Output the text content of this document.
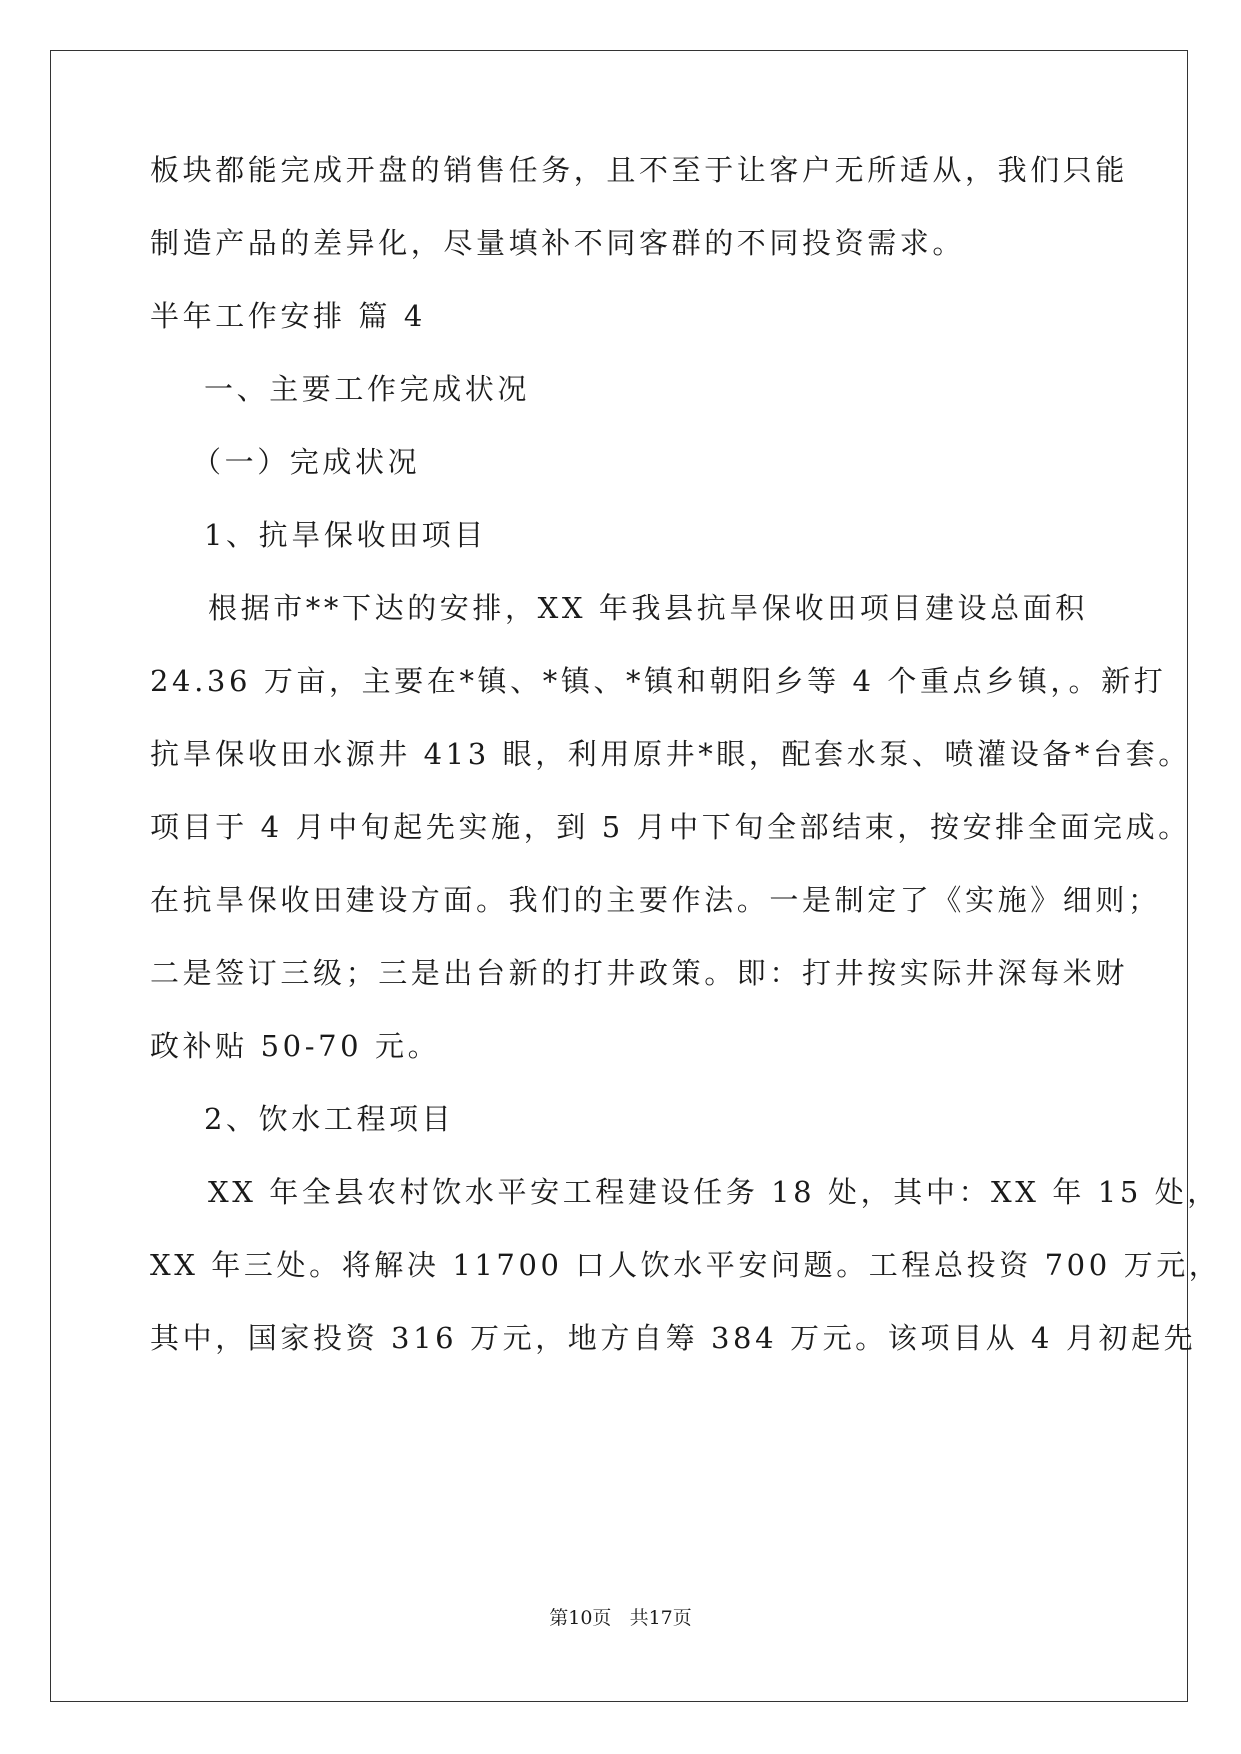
板块都能完成开盘的销售任务，且不至于让客户无所适从，我们只能
制造产品的差异化，尽量填补不同客群的不同投资需求。
半年工作安排 篇 4
一、主要工作完成状况
（一）完成状况
1、抗旱保收田项目
根据市**下达的安排，XX 年我县抗旱保收田项目建设总面积
24.36 万亩，主要在*镇、*镇、*镇和朝阳乡等 4 个重点乡镇，。新打
抗旱保收田水源井 413 眼，利用原井*眼，配套水泵、喷灌设备*台套。
项目于 4 月中旬起先实施，到 5 月中下旬全部结束，按安排全面完成。
在抗旱保收田建设方面。我们的主要作法。一是制定了《实施》细则；
二是签订三级；三是出台新的打井政策。即：打井按实际井深每米财
政补贴 50-70 元。
2、饮水工程项目
XX 年全县农村饮水平安工程建设任务 18 处，其中：XX 年 15 处，
XX 年三处。将解决 11700 口人饮水平安问题。工程总投资 700 万元，
其中，国家投资 316 万元，地方自筹 384 万元。该项目从 4 月初起先
第10页 共17页
